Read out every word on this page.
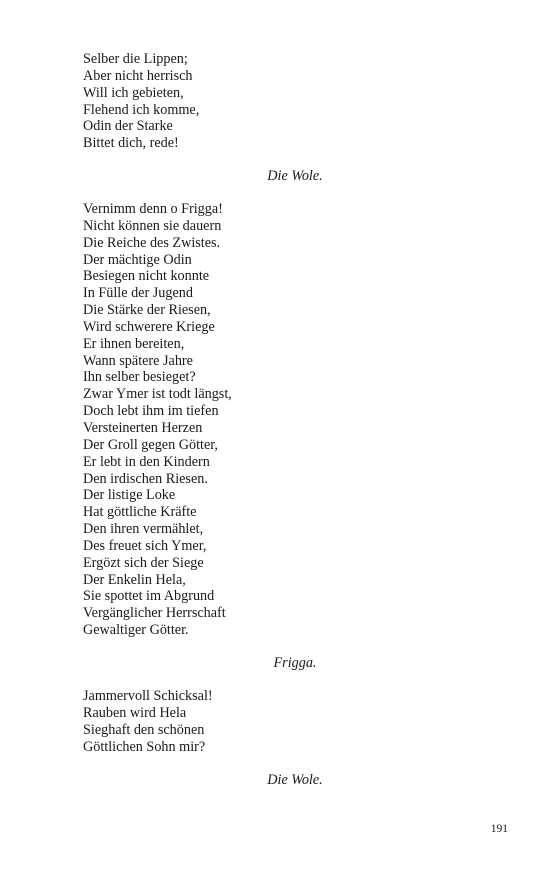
Selber die Lippen;
Aber nicht herrisch
Will ich gebieten,
Flehend ich komme,
Odin der Starke
Bittet dich, rede!
Die Wole.
Vernimm denn o Frigga!
Nicht können sie dauern
Die Reiche des Zwistes.
Der mächtige Odin
Besiegen nicht konnte
In Fülle der Jugend
Die Stärke der Riesen,
Wird schwerere Kriege
Er ihnen bereiten,
Wann spätere Jahre
Ihn selber besieget?
Zwar Ymer ist todt längst,
Doch lebt ihm im tiefen
Versteinerten Herzen
Der Groll gegen Götter,
Er lebt in den Kindern
Den irdischen Riesen.
Der listige Loke
Hat göttliche Kräfte
Den ihren vermählet,
Des freuet sich Ymer,
Ergözt sich der Siege
Der Enkelin Hela,
Sie spottet im Abgrund
Vergänglicher Herrschaft
Gewaltiger Götter.
Frigga.
Jammervoll Schicksal!
Rauben wird Hela
Sieghaft den schönen
Göttlichen Sohn mir?
Die Wole.
191
